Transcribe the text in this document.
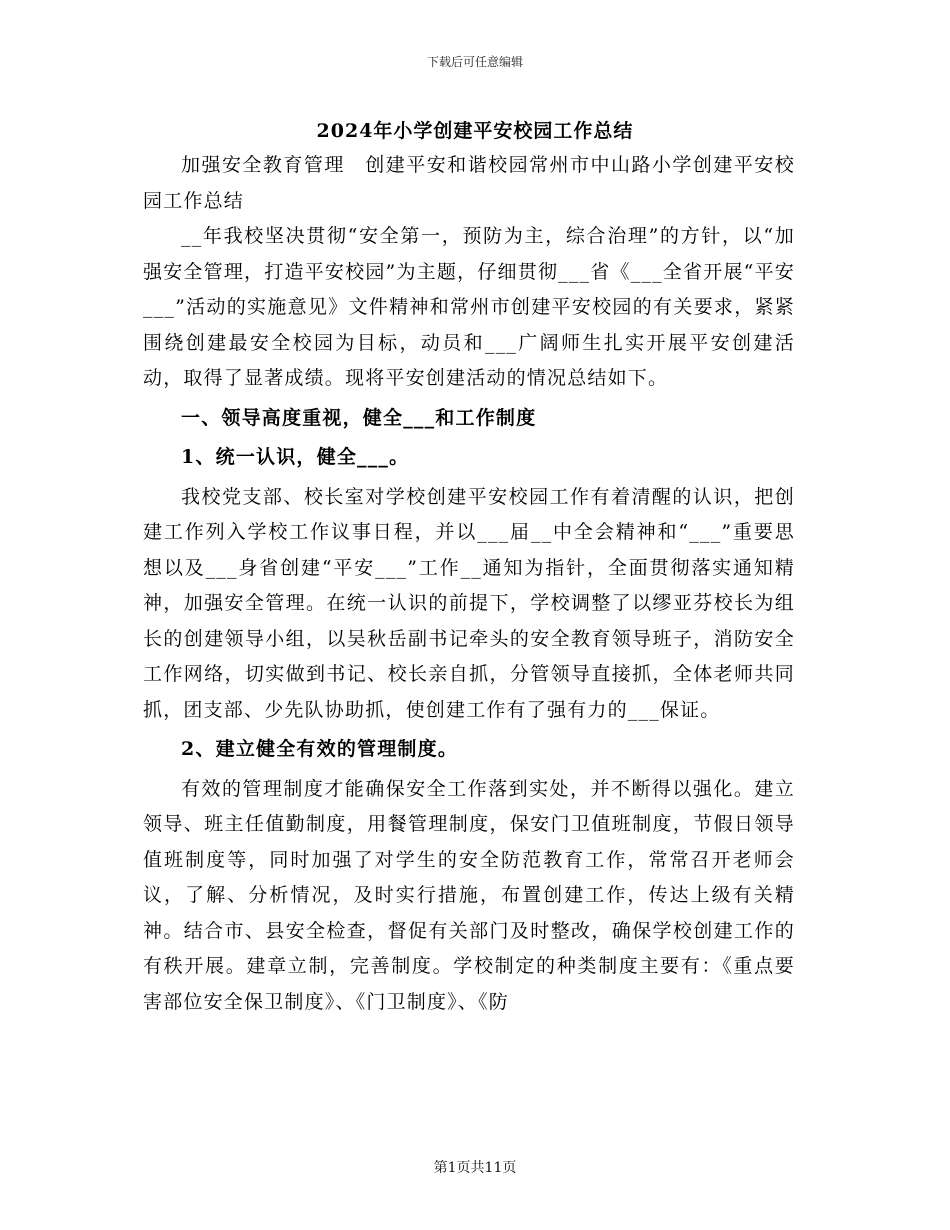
下载后可任意编辑
2024年小学创建平安校园工作总结

加强安全教育管理　创建平安和谐校园常州市中山路小学创建平安校园工作总结

__年我校坚决贯彻“安全第一，预防为主，综合治理”的方针，以“加强安全管理，打造平安校园”为主题，仔细贯彻___省《___全省开展“平安___”活动的实施意见》文件精神和常州市创建平安校园的有关要求，紧紧围绕创建最安全校园为目标，动员和___广阔师生扎实开展平安创建活动，取得了显著成绩。现将平安创建活动的情况总结如下。

一、领导高度重视，健全___和工作制度

1、统一认识，健全___。

我校党支部、校长室对学校创建平安校园工作有着清醒的认识，把创建工作列入学校工作议事日程，并以___届__中全会精神和“___”重要思想以及___身省创建“平安___”工作__通知为指针，全面贯彻落实通知精神，加强安全管理。在统一认识的前提下，学校调整了以缪亚芬校长为组长的创建领导小组，以吴秋岳副书记牵头的安全教育领导班子，消防安全工作网络，切实做到书记、校长亲自抓，分管领导直接抓，全体老师共同抓，团支部、少先队协助抓，使创建工作有了强有力的___保证。

2、建立健全有效的管理制度。

有效的管理制度才能确保安全工作落到实处，并不断得以强化。建立领导、班主任值勤制度，用餐管理制度，保安门卫值班制度，节假日领导值班制度等，同时加强了对学生的安全防范教育工作，常常召开老师会议，了解、分析情况，及时实行措施，布置创建工作，传达上级有关精神。结合市、县安全检查，督促有关部门及时整改，确保学校创建工作的有秩开展。建章立制，完善制度。学校制定的种类制度主要有：《重点要害部位安全保卫制度》、《门卫制度》、《防

第1页共11页
